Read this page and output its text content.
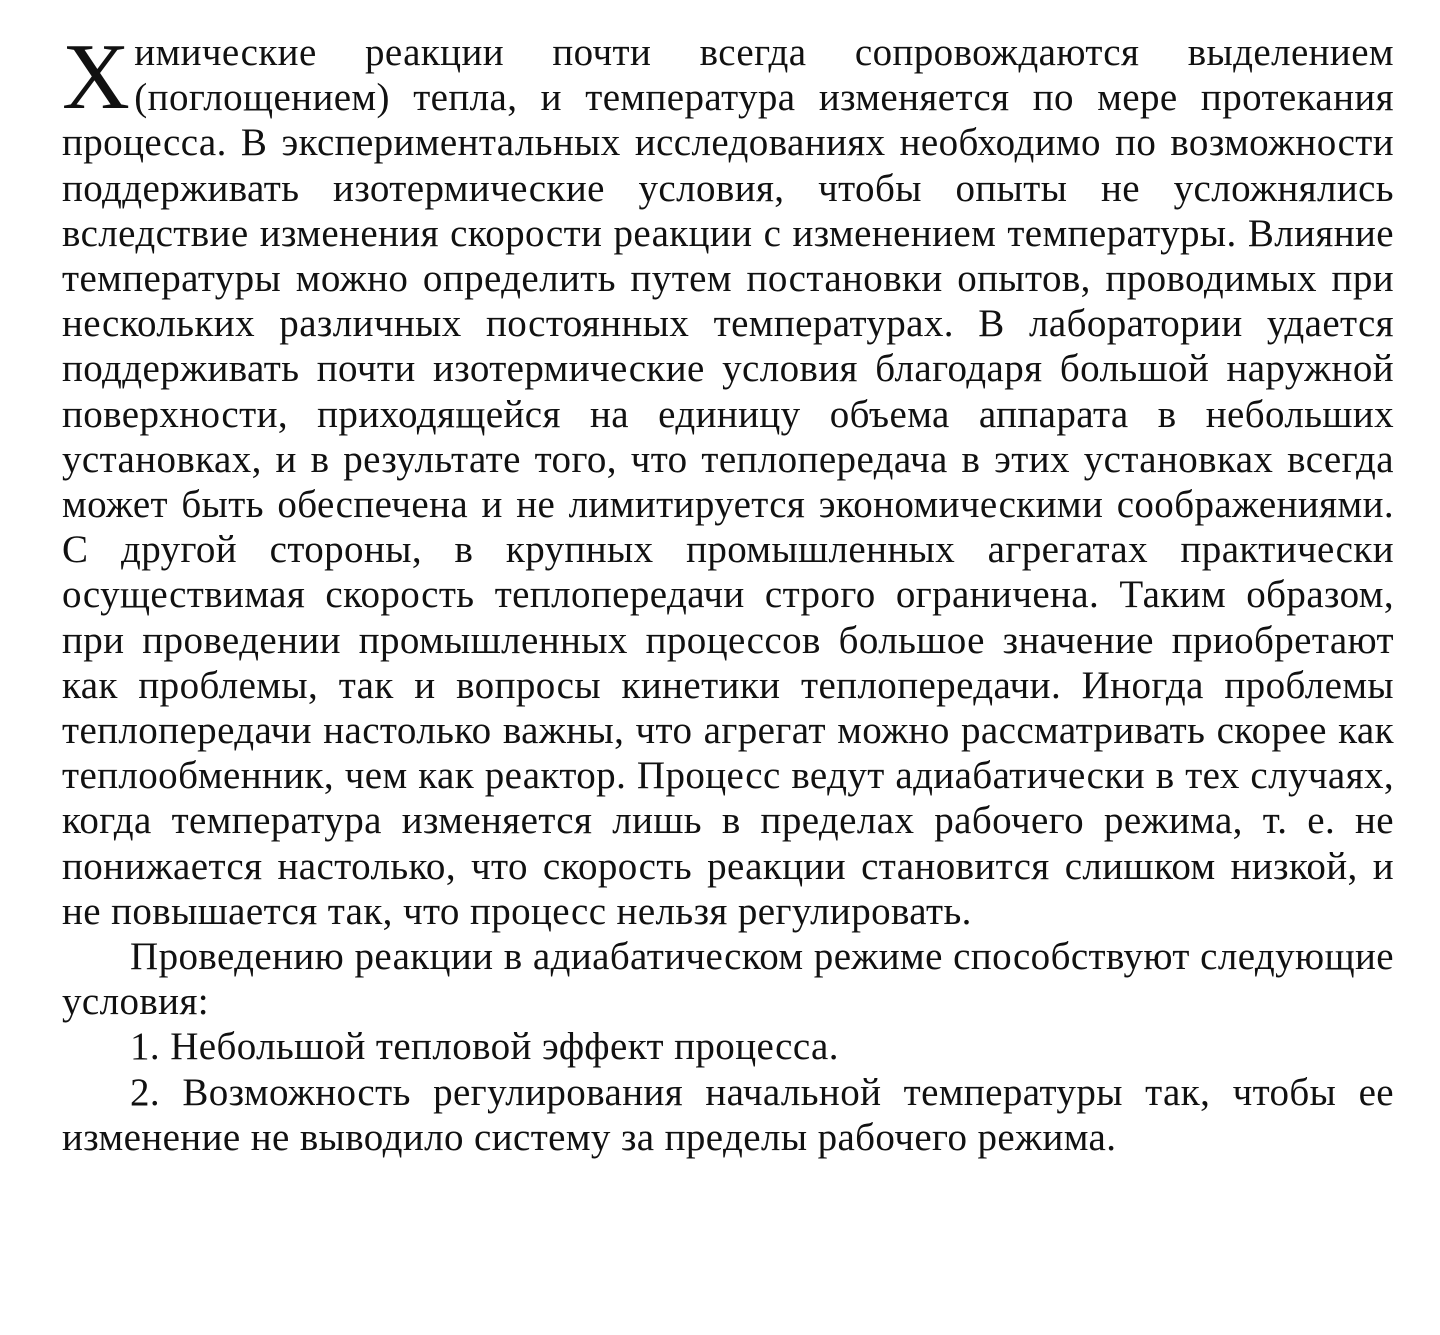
Химические реакции почти всегда сопровождаются выделением (поглощением) тепла, и температура изменяется по мере протекания процесса. В экспериментальных исследованиях необходимо по возможности поддерживать изотермические условия, чтобы опыты не усложнялись вследствие изменения скорости реакции с изменением температуры. Влияние температуры можно определить путем постановки опытов, проводимых при нескольких различных постоянных температурах. В лаборатории удается поддерживать почти изотермические условия благодаря большой наружной поверхности, приходящейся на единицу объема аппарата в небольших установках, и в результате того, что теплопередача в этих установках всегда может быть обеспечена и не лимитируется экономическими соображениями. С другой стороны, в крупных промышленных агрегатах практически осуществимая скорость теплопередачи строго ограничена. Таким образом, при проведении промышленных процессов большое значение приобретают как проблемы, так и вопросы кинетики теплопередачи. Иногда проблемы теплопередачи настолько важны, что агрегат можно рассматривать скорее как теплообменник, чем как реактор. Процесс ведут адиабатически в тех случаях, когда температура изменяется лишь в пределах рабочего режима, т. е. не понижается настолько, что скорость реакции становится слишком низкой, и не повышается так, что процесс нельзя регулировать.

Проведению реакции в адиабатическом режиме способствуют следующие условия:

1. Небольшой тепловой эффект процесса.

2. Возможность регулирования начальной температуры так, чтобы ее изменение не выводило систему за пределы рабочего режима.
